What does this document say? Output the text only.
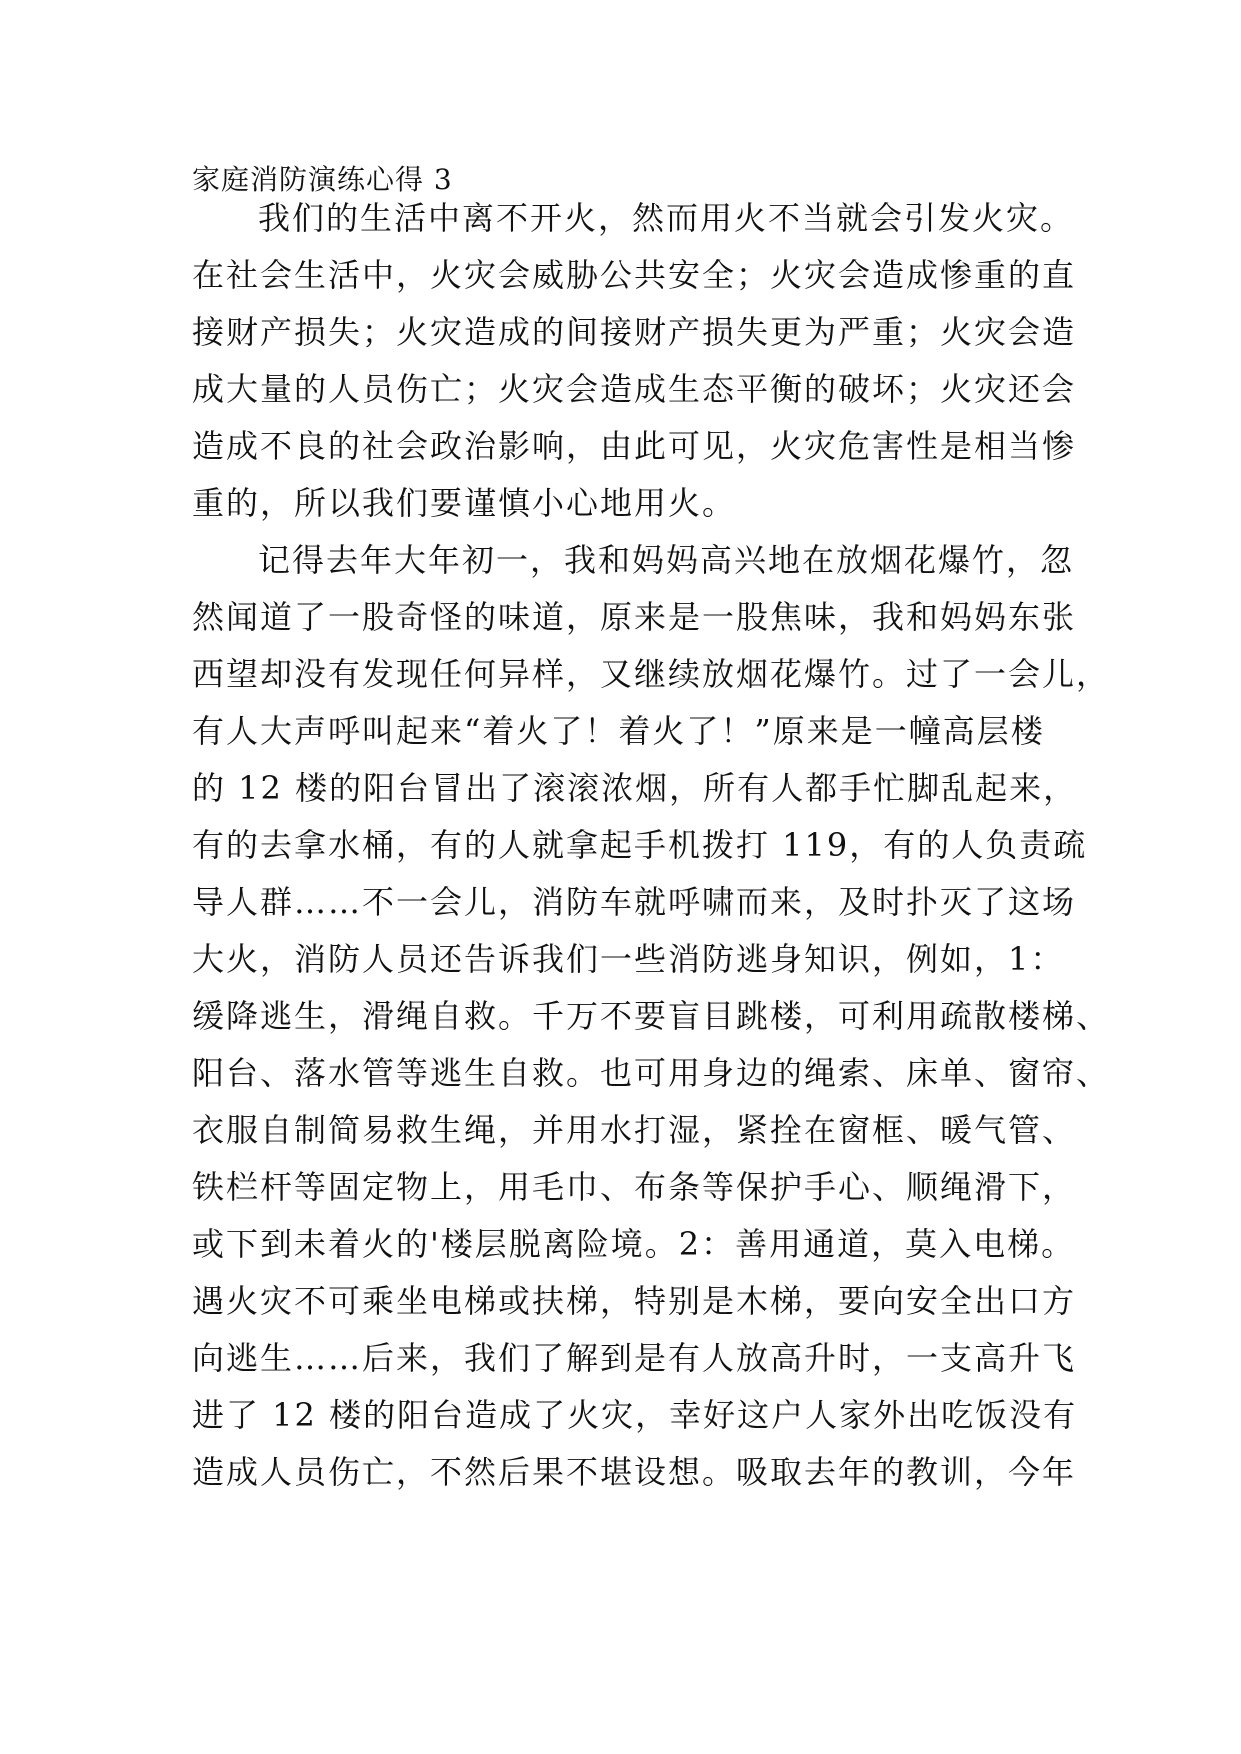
家庭消防演练心得 3
我们的生活中离不开火，然而用火不当就会引发火灾。
在社会生活中，火灾会威胁公共安全；火灾会造成惨重的直
接财产损失；火灾造成的间接财产损失更为严重；火灾会造
成大量的人员伤亡；火灾会造成生态平衡的破坏；火灾还会
造成不良的社会政治影响，由此可见，火灾危害性是相当惨
重的，所以我们要谨慎小心地用火。
记得去年大年初一，我和妈妈高兴地在放烟花爆竹，忽
然闻道了一股奇怪的味道，原来是一股焦味，我和妈妈东张
西望却没有发现任何异样，又继续放烟花爆竹。过了一会儿，
有人大声呼叫起来“着火了！着火了！”原来是一幢高层楼
的 12 楼的阳台冒出了滚滚浓烟，所有人都手忙脚乱起来，
有的去拿水桶，有的人就拿起手机拨打 119，有的人负责疏
导人群……不一会儿，消防车就呼啸而来，及时扑灭了这场
大火，消防人员还告诉我们一些消防逃身知识，例如，1：
缓降逃生，滑绳自救。千万不要盲目跳楼，可利用疏散楼梯、
阳台、落水管等逃生自救。也可用身边的绳索、床单、窗帘、
衣服自制简易救生绳，并用水打湿，紧拴在窗框、暖气管、
铁栏杆等固定物上，用毛巾、布条等保护手心、顺绳滑下，
或下到未着火的'楼层脱离险境。2：善用通道，莫入电梯。
遇火灾不可乘坐电梯或扶梯，特别是木梯，要向安全出口方
向逃生……后来，我们了解到是有人放高升时，一支高升飞
进了 12 楼的阳台造成了火灾，幸好这户人家外出吃饭没有
造成人员伤亡，不然后果不堪设想。吸取去年的教训，今年
